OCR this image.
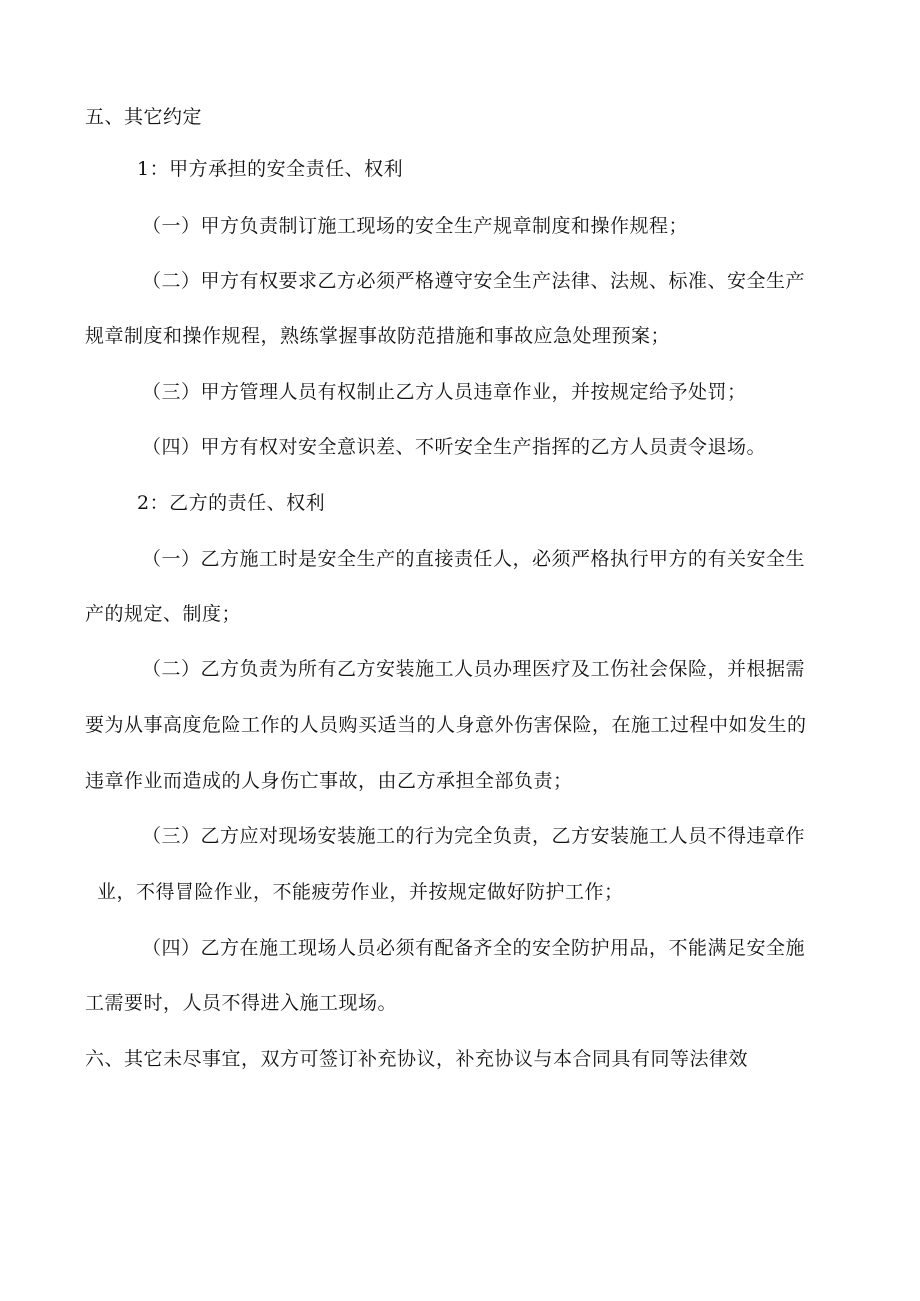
五、其它约定
1：甲方承担的安全责任、权利
（一）甲方负责制订施工现场的安全生产规章制度和操作规程；
（二）甲方有权要求乙方必须严格遵守安全生产法律、法规、标准、安全生产
规章制度和操作规程，熟练掌握事故防范措施和事故应急处理预案；
（三）甲方管理人员有权制止乙方人员违章作业，并按规定给予处罚；
（四）甲方有权对安全意识差、不听安全生产指挥的乙方人员责令退场。
2：乙方的责任、权利
（一）乙方施工时是安全生产的直接责任人，必须严格执行甲方的有关安全生
产的规定、制度；
（二）乙方负责为所有乙方安装施工人员办理医疗及工伤社会保险，并根据需
要为从事高度危险工作的人员购买适当的人身意外伤害保险，在施工过程中如发生的
违章作业而造成的人身伤亡事故，由乙方承担全部负责；
（三）乙方应对现场安装施工的行为完全负责，乙方安装施工人员不得违章作
业，不得冒险作业，不能疲劳作业，并按规定做好防护工作；
（四）乙方在施工现场人员必须有配备齐全的安全防护用品，不能满足安全施
工需要时，人员不得进入施工现场。
六、其它未尽事宜，双方可签订补充协议，补充协议与本合同具有同等法律效
